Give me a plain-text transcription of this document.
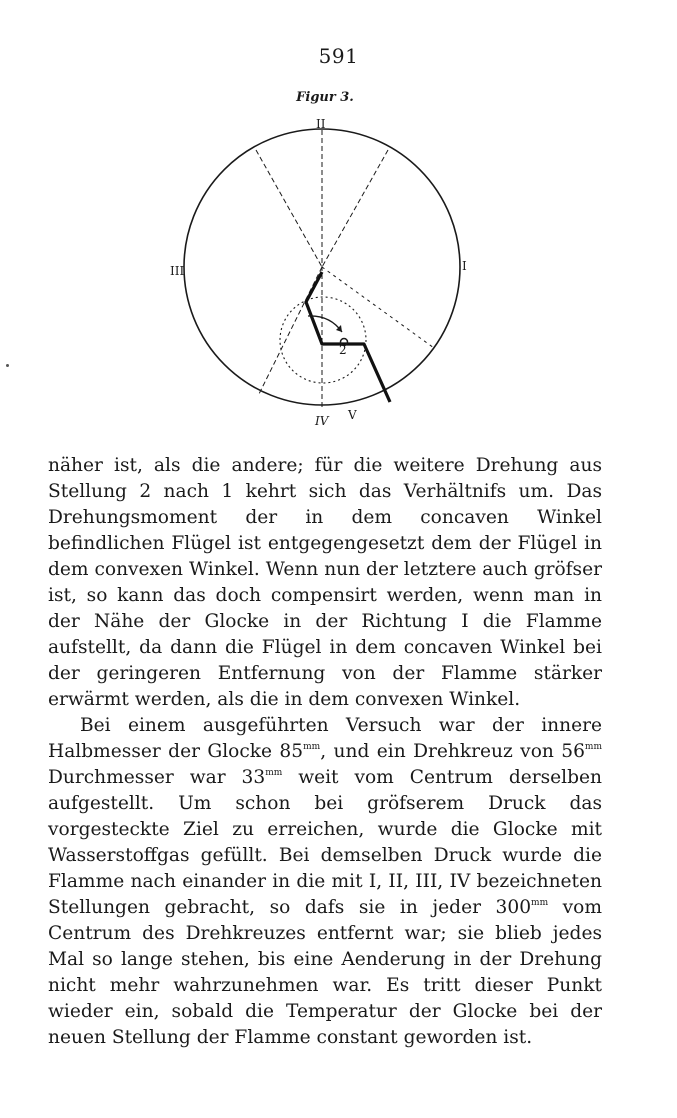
591
Figur 3.
II
III	I
IV V
2

näher ist, als die andere; für die weitere Drehung aus Stellung 2 nach 1 kehrt sich das Verhältnifs um. Das Drehungsmoment der in dem concaven Winkel befindlichen Flügel ist entgegengesetzt dem der Flügel in dem convexen Winkel. Wenn nun der letztere auch gröfser ist, so kann das doch compensirt werden, wenn man in der Nähe der Glocke in der Richtung I die Flamme aufstellt, da dann die Flügel in dem concaven Winkel bei der geringeren Entfernung von der Flamme stärker erwärmt werden, als die in dem convexen Winkel.

Bei einem ausgeführten Versuch war der innere Halbmesser der Glocke $85^{mm}$, und ein Drehkreuz von $56^{mm}$ Durchmesser war $33^{mm}$ weit vom Centrum derselben aufgestellt. Um schon bei gröfserem Druck das vorgesteckte Ziel zu erreichen, wurde die Glocke mit Wasserstoffgas gefüllt. Bei demselben Druck wurde die Flamme nach einander in die mit I, II, III, IV bezeichneten Stellungen gebracht, so dafs sie in jeder $300^{mm}$ vom Centrum des Drehkreuzes entfernt war; sie blieb jedes Mal so lange stehen, bis eine Aenderung in der Drehung nicht mehr wahrzunehmen war. Es tritt dieser Punkt wieder ein, sobald die Temperatur der Glocke bei der neuen Stellung der Flamme constant geworden ist.
